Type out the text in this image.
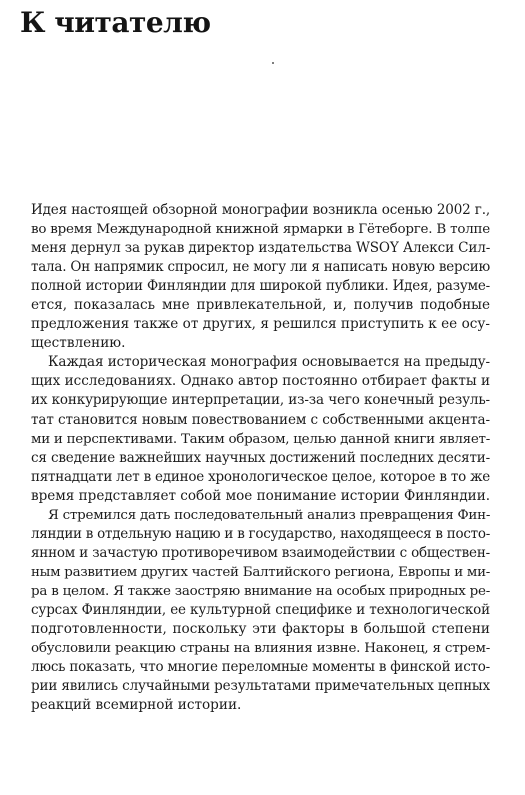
К читателю

Идея настоящей обзорной монографии возникла осенью 2002 г.,
во время Международной книжной ярмарки в Гётеборге. В толпе
меня дернул за рукав директор издательства WSOY Алекси Сил-
тала. Он напрямик спросил, не могу ли я написать новую версию
полной истории Финляндии для широкой публики. Идея, разуме-
ется, показалась мне привлекательной, и, получив подобные
предложения также от других, я решился приступить к ее осу-
ществлению.

Каждая историческая монография основывается на предыду-
щих исследованиях. Однако автор постоянно отбирает факты и
их конкурирующие интерпретации, из-за чего конечный резуль-
тат становится новым повествованием с собственными акцента-
ми и перспективами. Таким образом, целью данной книги являет-
ся сведение важнейших научных достижений последних десяти-
пятнадцати лет в единое хронологическое целое, которое в то же
время представляет собой мое понимание истории Финляндии.

Я стремился дать последовательный анализ превращения Фин-
ляндии в отдельную нацию и в государство, находящееся в посто-
янном и зачастую противоречивом взаимодействии с обществен-
ным развитием других частей Балтийского региона, Европы и ми-
ра в целом. Я также заостряю внимание на особых природных ре-
сурсах Финляндии, ее культурной специфике и технологической
подготовленности, поскольку эти факторы в большой степени
обусловили реакцию страны на влияния извне. Наконец, я стрем-
люсь показать, что многие переломные моменты в финской исто-
рии явились случайными результатами примечательных цепных
реакций всемирной истории.
